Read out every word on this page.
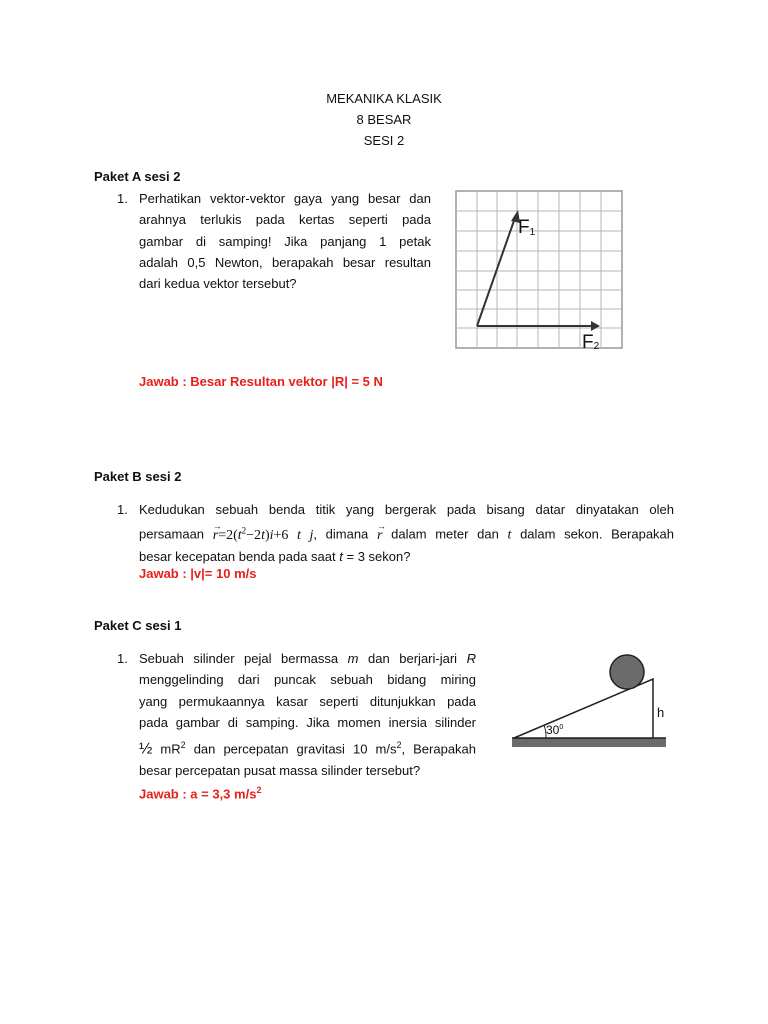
MEKANIKA KLASIK
8 BESAR
SESI 2
Paket A sesi 2
1. Perhatikan vektor-vektor gaya yang besar dan
arahnya terlukis pada kertas seperti pada
gambar di samping! Jika panjang 1 petak
adalah 0,5 Newton, berapakah besar resultan
dari kedua vektor tersebut?
F1
F2
Jawab : Besar Resultan vektor |R| = 5 N
Paket B sesi 2
1. Kedudukan sebuah benda titik yang bergerak pada bisang datar dinyatakan oleh
persamaan → $r=2(t^2-2t)i+6$ t j, dimana → r dalam meter dan t dalam sekon. Berapakah
besar kecepatan benda pada saat t = 3 sekon?
Jawab : |v|= 10 m/s
Paket C sesi 1
1. Sebuah silinder pejal bermassa m dan berjari-jari R
menggelinding dari puncak sebuah bidang miring
yang permukaannya kasar seperti ditunjukkan pada
pada gambar di samping. Jika momen inersia silinder
½ $mR^2$ dan percepatan gravitasi 10 $m/s^2$, Berapakah
besar percepatan pusat massa silinder tersebut?
Jawab : a = 3,3 $m/s^2$
$30^0$
h
